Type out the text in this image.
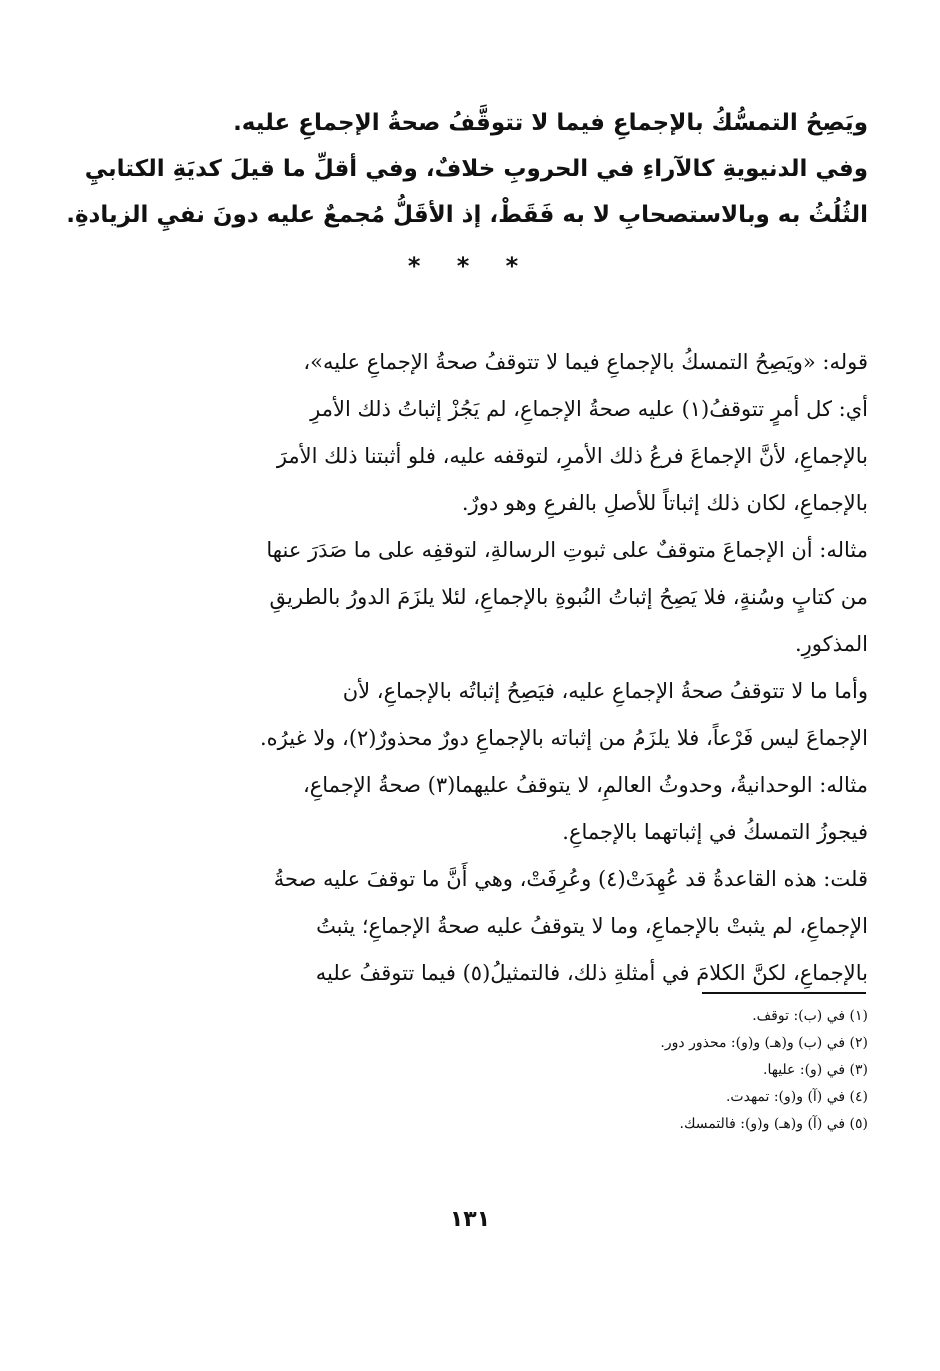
ويَصِحُ التمسُّكُ بالإجماعِ فيما لا تتوقَّفُ صحةُ الإجماعِ عليه.
وفي الدنيويةِ كالآراءِ في الحروبِ خلافٌ، وفي أقلِّ ما قيلَ كديَةِ الكتابيِ
الثُلُثُ به وبالاستصحابِ لا به فَقَطْ، إذ الأقَلُّ مُجمعٌ عليه دونَ نفيِ الزيادةِ.
* * *
قوله: «ويَصِحُ التمسكُ بالإجماعِ فيما لا تتوقفُ صحةُ الإجماعِ عليه»،
أي: كل أمرٍ تتوقفُ(١) عليه صحةُ الإجماعِ، لم يَجُزْ إثباتُ ذلك الأمرِ
بالإجماعِ، لأنَّ الإجماعَ فرعُ ذلك الأمرِ، لتوقفه عليه، فلو أثبتنا ذلك الأمرَ
بالإجماعِ، لكان ذلك إثباتاً للأصلِ بالفرعِ وهو دورٌ.
مثاله: أن الإجماعَ متوقفٌ على ثبوتِ الرسالةِ، لتوقفِه على ما صَدَرَ عنها
من كتابٍ وسُنةٍ، فلا يَصِحُ إثباتُ النُبوةِ بالإجماعِ، لئلا يلزَمَ الدورُ بالطريقِ
المذكورِ.
وأما ما لا تتوقفُ صحةُ الإجماعِ عليه، فيَصِحُ إثباتُه بالإجماعِ، لأن
الإجماعَ ليس فَرْعاً، فلا يلزَمُ من إثباته بالإجماعِ دورٌ محذورٌ(٢)، ولا غيرُه.
مثاله: الوحدانيةُ، وحدوثُ العالمِ، لا يتوقفُ عليهما(٣) صحةُ الإجماعِ،
فيجوزُ التمسكُ في إثباتهما بالإجماعِ.
قلت: هذه القاعدةُ قد عُهِدَتْ(٤) وعُرِفَتْ، وهي أَنَّ ما توقفَ عليه صحةُ
الإجماعِ، لم يثبتْ بالإجماعِ، وما لا يتوقفُ عليه صحةُ الإجماعِ؛ يثبتُ
بالإجماعِ، لكنَّ الكلامَ في أمثلةِ ذلك، فالتمثيلُ(٥) فيما تتوقفُ عليه
(١) في (ب): توقف.
(٢) في (ب) و(هـ) و(و): محذور دور.
(٣) في (و): عليها.
(٤) في (آ) و(و): تمهدت.
(٥) في (آ) و(هـ) و(و): فالتمسك.
١٣١
